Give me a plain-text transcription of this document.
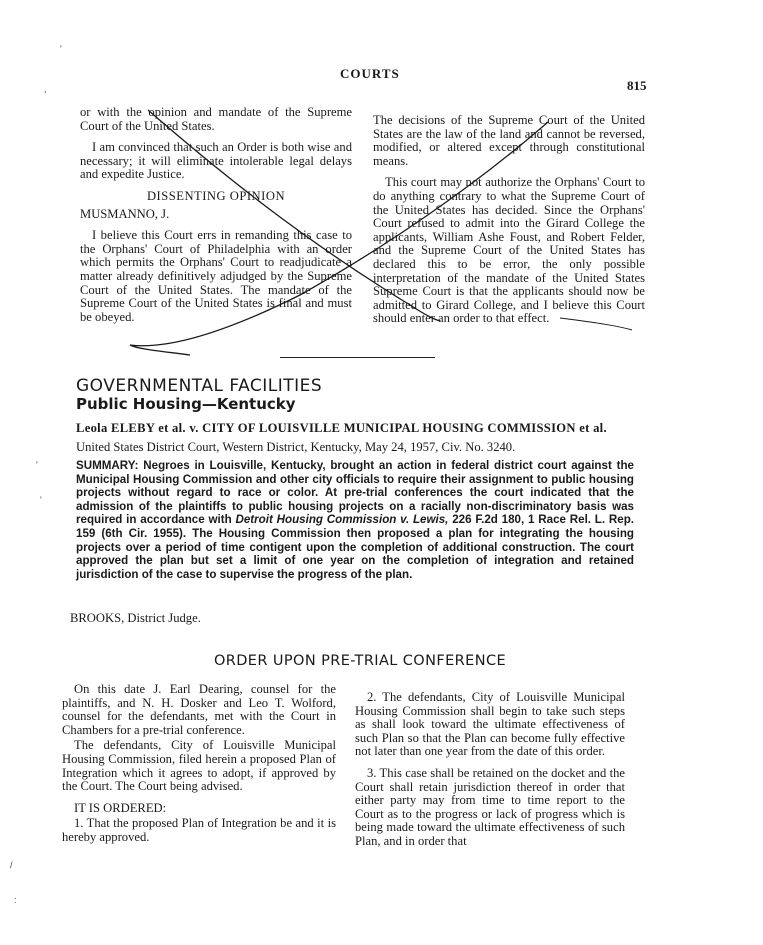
COURTS
815
'
,
'
'
/
:

or with the opinion and mandate of the Supreme Court of the United States.

I am convinced that such an Order is both wise and necessary; it will eliminate intolerable legal delays and expedite Justice.

DISSENTING OPINION

MUSMANNO, J.

I believe this Court errs in remanding this case to the Orphans' Court of Philadelphia with an order which permits the Orphans' Court to readjudicate a matter already definitively adjudged by the Supreme Court of the United States. The mandate of the Supreme Court of the United States is final and must be obeyed.

The decisions of the Supreme Court of the United States are the law of the land and cannot be reversed, modified, or altered except through constitutional means.

This court may not authorize the Orphans' Court to do anything contrary to what the Supreme Court of the United States has decided. Since the Orphans' Court refused to admit into the Girard College the applicants, William Ashe Foust, and Robert Felder, and the Supreme Court of the United States has declared this to be error, the only possible interpretation of the mandate of the United States Supreme Court is that the applicants should now be admitted to Girard College, and I believe this Court should enter an order to that effect.

GOVERNMENTAL FACILITIES
Public Housing—Kentucky
Leola ELEBY et al. v. CITY OF LOUISVILLE MUNICIPAL HOUSING COMMISSION et al.
United States District Court, Western District, Kentucky, May 24, 1957, Civ. No. 3240.
SUMMARY: Negroes in Louisville, Kentucky, brought an action in federal district court against the Municipal Housing Commission and other city officials to require their assignment to public housing projects without regard to race or color. At pre-trial conferences the court indicated that the admission of the plaintiffs to public housing projects on a racially non-discriminatory basis was required in accordance with Detroit Housing Commission v. Lewis, 226 F.2d 180, 1 Race Rel. L. Rep. 159 (6th Cir. 1955). The Housing Commission then proposed a plan for integrating the housing projects over a period of time contigent upon the completion of additional construction. The court approved the plan but set a limit of one year on the completion of integration and retained jurisdiction of the case to supervise the progress of the plan.
BROOKS, District Judge.
ORDER UPON PRE-TRIAL CONFERENCE

On this date J. Earl Dearing, counsel for the plaintiffs, and N. H. Dosker and Leo T. Wolford, counsel for the defendants, met with the Court in Chambers for a pre-trial conference.

The defendants, City of Louisville Municipal Housing Commission, filed herein a proposed Plan of Integration which it agrees to adopt, if approved by the Court. The Court being advised.

IT IS ORDERED:

1. That the proposed Plan of Integration be and it is hereby approved.

2. The defendants, City of Louisville Municipal Housing Commission shall begin to take such steps as shall look toward the ultimate effectiveness of such Plan so that the Plan can become fully effective not later than one year from the date of this order.

3. This case shall be retained on the docket and the Court shall retain jurisdiction thereof in order that either party may from time to time report to the Court as to the progress or lack of progress which is being made toward the ultimate effectiveness of such Plan, and in order that
